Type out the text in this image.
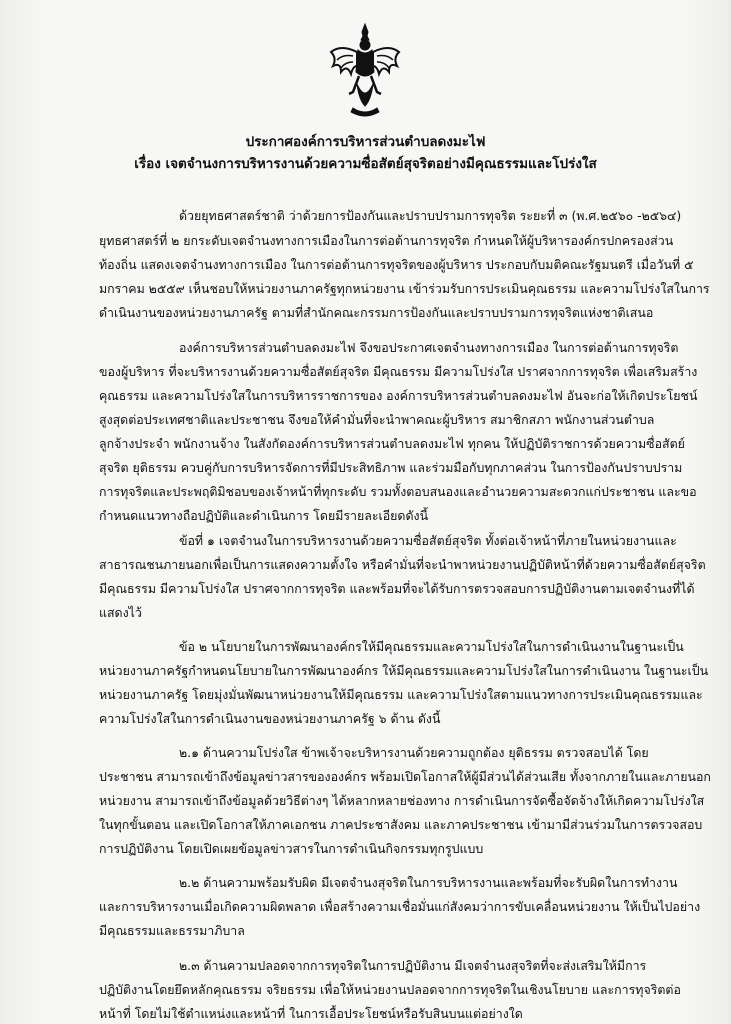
ประกาศองค์การบริหารส่วนตำบลดงมะไฟ
เรื่อง เจตจำนงการบริหารงานด้วยความซื่อสัตย์สุจริตอย่างมีคุณธรรมและโปร่งใส
ด้วยยุทธศาสตร์ชาติ ว่าด้วยการป้องกันและปราบปรามการทุจริต ระยะที่ ๓ (พ.ศ.๒๕๖๐ -๒๕๖๔)
ยุทธศาสตร์ที่ ๒ ยกระดับเจตจำนงทางการเมืองในการต่อต้านการทุจริต กำหนดให้ผู้บริหารองค์กรปกครองส่วน
ท้องถิ่น แสดงเจตจำนงทางการเมือง ในการต่อต้านการทุจริตของผู้บริหาร ประกอบกับมติคณะรัฐมนตรี เมื่อวันที่ ๕
มกราคม ๒๕๕๙ เห็นชอบให้หน่วยงานภาครัฐทุกหน่วยงาน เข้าร่วมรับการประเมินคุณธรรม และความโปร่งใสในการ
ดำเนินงานของหน่วยงานภาครัฐ ตามที่สำนักคณะกรรมการป้องกันและปราบปรามการทุจริตแห่งชาติเสนอ
องค์การบริหารส่วนตำบลดงมะไฟ จึงขอประกาศเจตจำนงทางการเมือง ในการต่อต้านการทุจริต
ของผู้บริหาร ที่จะบริหารงานด้วยความซื่อสัตย์สุจริต มีคุณธรรม มีความโปร่งใส ปราศจากการทุจริต เพื่อเสริมสร้าง
คุณธรรม และความโปร่งใสในการบริหารราชการของ องค์การบริหารส่วนตำบลดงมะไฟ อันจะก่อให้เกิดประโยชน์
สูงสุดต่อประเทศชาติและประชาชน จึงขอให้คำมั่นที่จะนำพาคณะผู้บริหาร สมาชิกสภา พนักงานส่วนตำบล
ลูกจ้างประจำ พนักงานจ้าง ในสังกัดองค์การบริหารส่วนตำบลดงมะไฟ ทุกคน ให้ปฏิบัติราชการด้วยความซื่อสัตย์
สุจริต ยุติธรรม ควบคู่กับการบริหารจัดการที่มีประสิทธิภาพ และร่วมมือกับทุกภาคส่วน ในการป้องกันปราบปราม
การทุจริตและประพฤติมิชอบของเจ้าหน้าที่ทุกระดับ รวมทั้งตอบสนองและอำนวยความสะดวกแก่ประชาชน และขอ
กำหนดแนวทางถือปฏิบัติและดำเนินการ โดยมีรายละเอียดดังนี้
ข้อที่ ๑ เจตจำนงในการบริหารงานด้วยความซื่อสัตย์สุจริต ทั้งต่อเจ้าหน้าที่ภายในหน่วยงานและ
สาธารณชนภายนอกเพื่อเป็นการแสดงความตั้งใจ หรือคำมั่นที่จะนำพาหน่วยงานปฏิบัติหน้าที่ด้วยความซื่อสัตย์สุจริต
มีคุณธรรม มีความโปร่งใส ปราศจากการทุจริต และพร้อมที่จะได้รับการตรวจสอบการปฏิบัติงานตามเจตจำนงที่ได้
แสดงไว้
ข้อ ๒ นโยบายในการพัฒนาองค์กรให้มีคุณธรรมและความโปร่งใสในการดำเนินงานในฐานะเป็น
หน่วยงานภาครัฐกำหนดนโยบายในการพัฒนาองค์กร ให้มีคุณธรรมและความโปร่งใสในการดำเนินงาน ในฐานะเป็น
หน่วยงานภาครัฐ โดยมุ่งมั่นพัฒนาหน่วยงานให้มีคุณธรรม และความโปร่งใสตามแนวทางการประเมินคุณธรรมและ
ความโปร่งใสในการดำเนินงานของหน่วยงานภาครัฐ ๖ ด้าน ดังนี้
๒.๑ ด้านความโปร่งใส ข้าพเจ้าจะบริหารงานด้วยความถูกต้อง ยุติธรรม ตรวจสอบได้ โดย
ประชาชน สามารถเข้าถึงข้อมูลข่าวสารขององค์กร พร้อมเปิดโอกาสให้ผู้มีส่วนได้ส่วนเสีย ทั้งจากภายในและภายนอก
หน่วยงาน สามารถเข้าถึงข้อมูลด้วยวิธีต่างๆ ได้หลากหลายช่องทาง การดำเนินการจัดซื้อจัดจ้างให้เกิดความโปร่งใส
ในทุกขั้นตอน และเปิดโอกาสให้ภาคเอกชน ภาคประชาสังคม และภาคประชาชน เข้ามามีส่วนร่วมในการตรวจสอบ
การปฏิบัติงาน โดยเปิดเผยข้อมูลข่าวสารในการดำเนินกิจกรรมทุกรูปแบบ
๒.๒ ด้านความพร้อมรับผิด มีเจตจำนงสุจริตในการบริหารงานและพร้อมที่จะรับผิดในการทำงาน
และการบริหารงานเมื่อเกิดความผิดพลาด เพื่อสร้างความเชื่อมั่นแก่สังคมว่าการขับเคลื่อนหน่วยงาน ให้เป็นไปอย่าง
มีคุณธรรมและธรรมาภิบาล
๒.๓ ด้านความปลอดจากการทุจริตในการปฏิบัติงาน มีเจตจำนงสุจริตที่จะส่งเสริมให้มีการ
ปฏิบัติงานโดยยึดหลักคุณธรรม จริยธรรม เพื่อให้หน่วยงานปลอดจากการทุจริตในเชิงนโยบาย และการทุจริตต่อ
หน้าที่ โดยไม่ใช้ตำแหน่งและหน้าที่ ในการเอื้อประโยชน์หรือรับสินบนแต่อย่างใด
